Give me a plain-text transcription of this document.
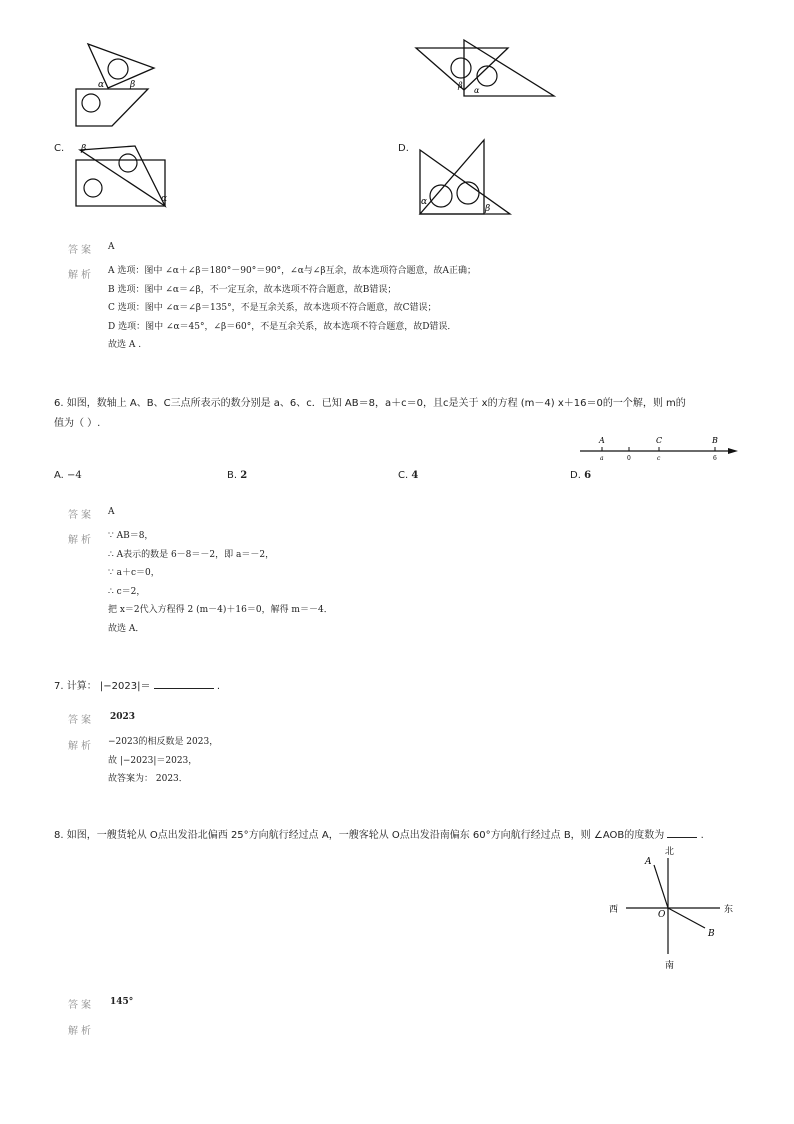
α	β	β
α
C. β
α
D.
α
β
答案 A
解析 A 选项：图中 ∠α＋∠β＝180°－90°＝90°，∠α与∠β互余，故本选项符合题意，故A正确；
B 选项：图中 ∠α＝∠β，不一定互余，故本选项不符合题意，故B错误；
C 选项：图中 ∠α＝∠β＝135°，不是互余关系，故本选项不符合题意，故C错误；
D 选项：图中 ∠α＝45°，∠β＝60°，不是互余关系，故本选项不符合题意，故D错误．
故选 A .
6. 如图，数轴上 A、B、C三点所表示的数分别是 a、6、c．已知 AB＝8，a＋c＝0，且c是关于 x的方程 (m－4) x＋16＝0的一个解，则 m的
值为（ ）.
A	C	B
a	0	c	6
A. −4	B. 2	C. 4	D. 6
答案 A
解析 ∵ AB＝8，
∴ A表示的数是 6－8＝－2，即 a＝－2，
∵ a＋c＝0，
∴ c＝2，
把 x＝2代入方程得 2 (m－4)＋16＝0，解得 m＝－4．
故选 A．
7. 计算： |−2023|＝	.
答案 2023
解析 −2023的相反数是 2023，
故 |−2023|＝2023，
故答案为： 2023．
8. 如图，一艘货轮从 O点出发沿北偏西 25°方向航行经过点 A，一艘客轮从 O点出发沿南偏东 60°方向航行经过点 B，则 ∠AOB的度数为	.
北
南
西	东
O
A
B
答案 145°
解析
